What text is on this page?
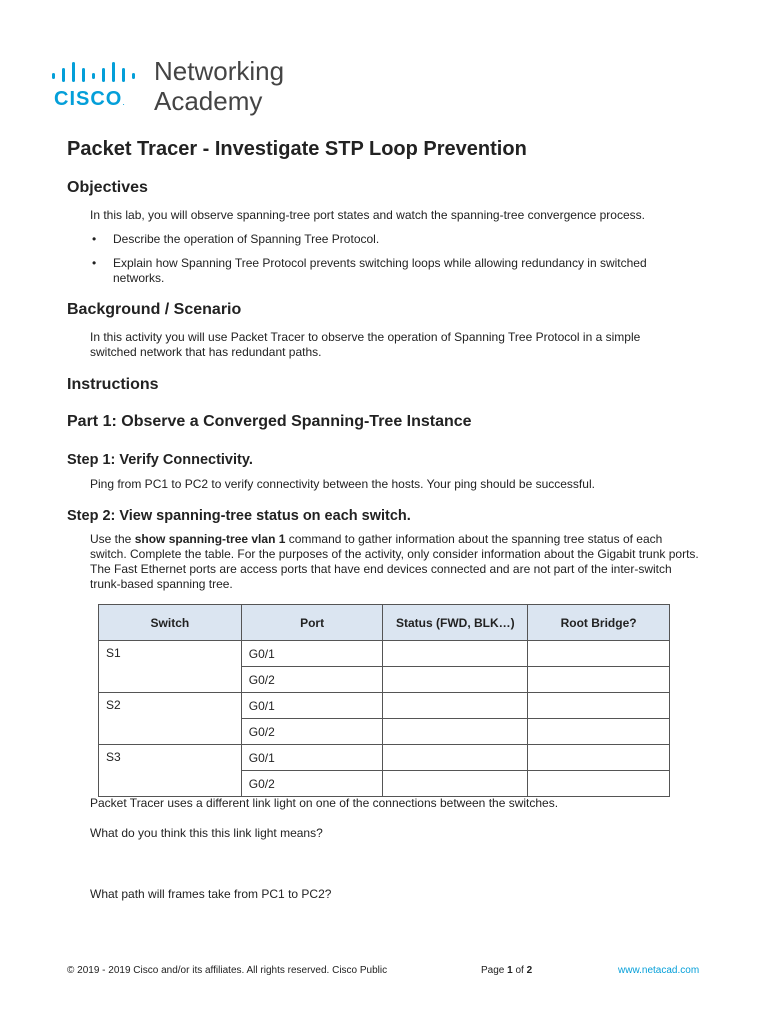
CISCO.
Networking
Academy
Packet Tracer - Investigate STP Loop Prevention
Objectives
In this lab, you will observe spanning-tree port states and watch the spanning-tree convergence process.
• Describe the operation of Spanning Tree Protocol.
• Explain how Spanning Tree Protocol prevents switching loops while allowing redundancy in switched networks.
Background / Scenario
In this activity you will use Packet Tracer to observe the operation of Spanning Tree Protocol in a simple switched network that has redundant paths.
Instructions
Part 1: Observe a Converged Spanning-Tree Instance
Step 1: Verify Connectivity.
Ping from PC1 to PC2 to verify connectivity between the hosts. Your ping should be successful.
Step 2: View spanning-tree status on each switch.
Use the show spanning-tree vlan 1 command to gather information about the spanning tree status of each switch. Complete the table. For the purposes of the activity, only consider information about the Gigabit trunk ports. The Fast Ethernet ports are access ports that have end devices connected and are not part of the inter-switch trunk-based spanning tree.
Switch	Port	Status (FWD, BLK…)	Root Bridge?
S1	G0/1		
	G0/2		
S2	G0/1		
	G0/2		
S3	G0/1		
	G0/2		
Packet Tracer uses a different link light on one of the connections between the switches.
What do you think this this link light means?
What path will frames take from PC1 to PC2?
© 2019 - 2019 Cisco and/or its affiliates. All rights reserved. Cisco Public	Page 1 of 2	www.netacad.com
